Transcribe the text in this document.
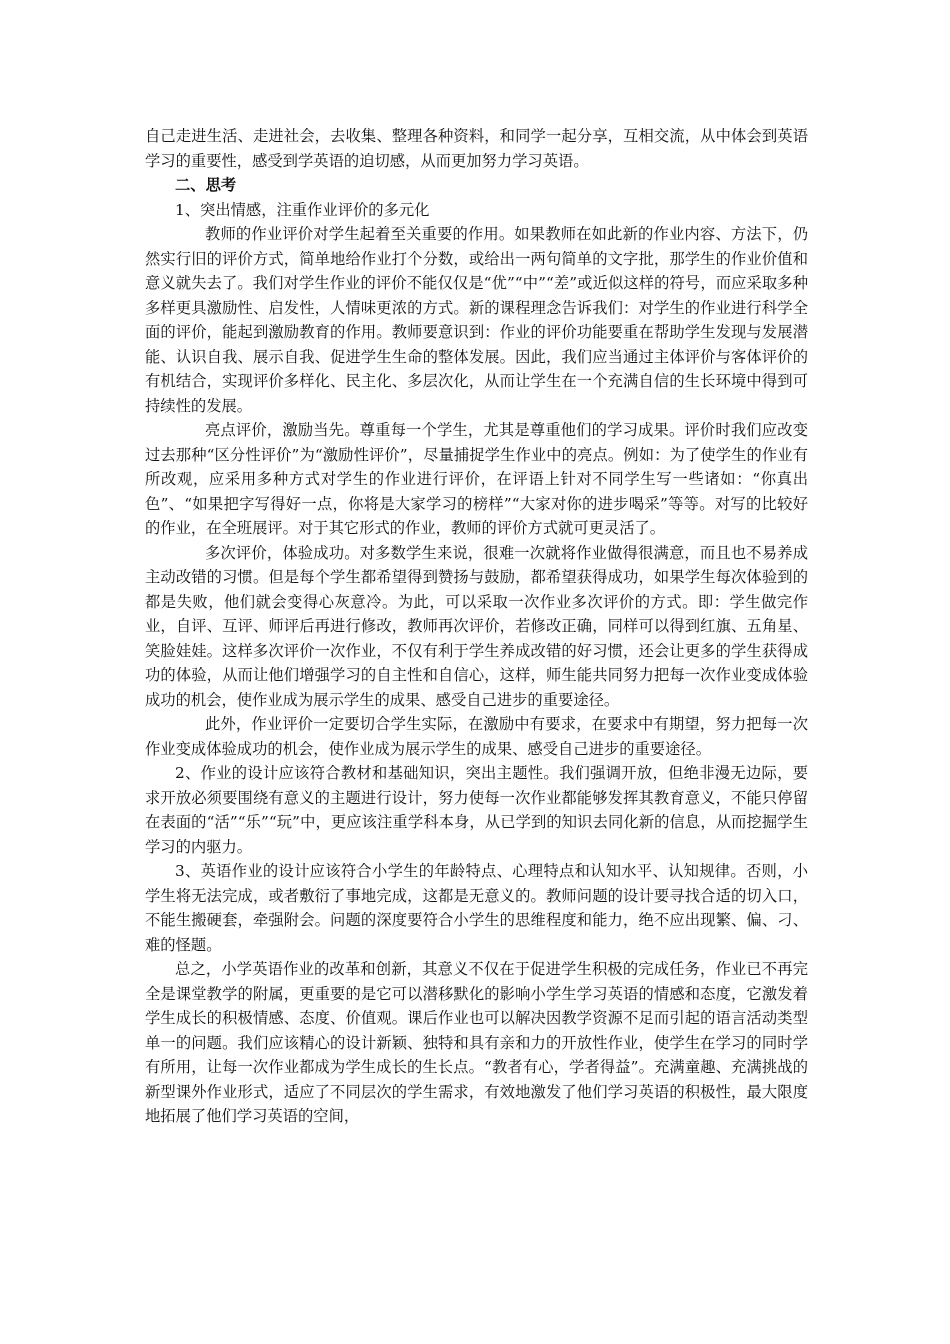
自己走进生活、走进社会，去收集、整理各种资料，和同学一起分享，互相交流，从中体会到英语学习的重要性，感受到学英语的迫切感，从而更加努力学习英语。

二、思考

1、突出情感，注重作业评价的多元化

教师的作业评价对学生起着至关重要的作用。如果教师在如此新的作业内容、方法下，仍然实行旧的评价方式，简单地给作业打个分数，或给出一两句简单的文字批，那学生的作业价值和意义就失去了。我们对学生作业的评价不能仅仅是“优”“中”“差”或近似这样的符号，而应采取多种多样更具激励性、启发性，人情味更浓的方式。新的课程理念告诉我们：对学生的作业进行科学全面的评价，能起到激励教育的作用。教师要意识到：作业的评价功能要重在帮助学生发现与发展潜能、认识自我、展示自我、促进学生生命的整体发展。因此，我们应当通过主体评价与客体评价的有机结合，实现评价多样化、民主化、多层次化，从而让学生在一个充满自信的生长环境中得到可持续性的发展。

亮点评价，激励当先。尊重每一个学生，尤其是尊重他们的学习成果。评价时我们应改变过去那种“区分性评价”为“激励性评价”，尽量捕捉学生作业中的亮点。例如：为了使学生的作业有所改观，应采用多种方式对学生的作业进行评价，在评语上针对不同学生写一些诸如：“你真出色”、“如果把字写得好一点，你将是大家学习的榜样”“大家对你的进步喝采”等等。对写的比较好的作业，在全班展评。对于其它形式的作业，教师的评价方式就可更灵活了。

多次评价，体验成功。对多数学生来说，很难一次就将作业做得很满意，而且也不易养成主动改错的习惯。但是每个学生都希望得到赞扬与鼓励，都希望获得成功，如果学生每次体验到的都是失败，他们就会变得心灰意冷。为此，可以采取一次作业多次评价的方式。即：学生做完作业，自评、互评、师评后再进行修改，教师再次评价，若修改正确，同样可以得到红旗、五角星、笑脸娃娃。这样多次评价一次作业，不仅有利于学生养成改错的好习惯，还会让更多的学生获得成功的体验，从而让他们增强学习的自主性和自信心，这样，师生能共同努力把每一次作业变成体验成功的机会，使作业成为展示学生的成果、感受自己进步的重要途径。

此外，作业评价一定要切合学生实际，在激励中有要求，在要求中有期望，努力把每一次作业变成体验成功的机会，使作业成为展示学生的成果、感受自己进步的重要途径。

2、作业的设计应该符合教材和基础知识，突出主题性。我们强调开放，但绝非漫无边际，要求开放必须要围绕有意义的主题进行设计，努力使每一次作业都能够发挥其教育意义，不能只停留在表面的“活”“乐”“玩”中，更应该注重学科本身，从已学到的知识去同化新的信息，从而挖掘学生学习的内驱力。

3、英语作业的设计应该符合小学生的年龄特点、心理特点和认知水平、认知规律。否则，小学生将无法完成，或者敷衍了事地完成，这都是无意义的。教师问题的设计要寻找合适的切入口，不能生搬硬套，牵强附会。问题的深度要符合小学生的思维程度和能力，绝不应出现繁、偏、刁、难的怪题。

总之，小学英语作业的改革和创新，其意义不仅在于促进学生积极的完成任务，作业已不再完全是课堂教学的附属，更重要的是它可以潜移默化的影响小学生学习英语的情感和态度，它激发着学生成长的积极情感、态度、价值观。课后作业也可以解决因教学资源不足而引起的语言活动类型单一的问题。我们应该精心的设计新颖、独特和具有亲和力的开放性作业，使学生在学习的同时学有所用，让每一次作业都成为学生成长的生长点。“教者有心，学者得益”。充满童趣、充满挑战的新型课外作业形式，适应了不同层次的学生需求，有效地激发了他们学习英语的积极性，最大限度地拓展了他们学习英语的空间，
